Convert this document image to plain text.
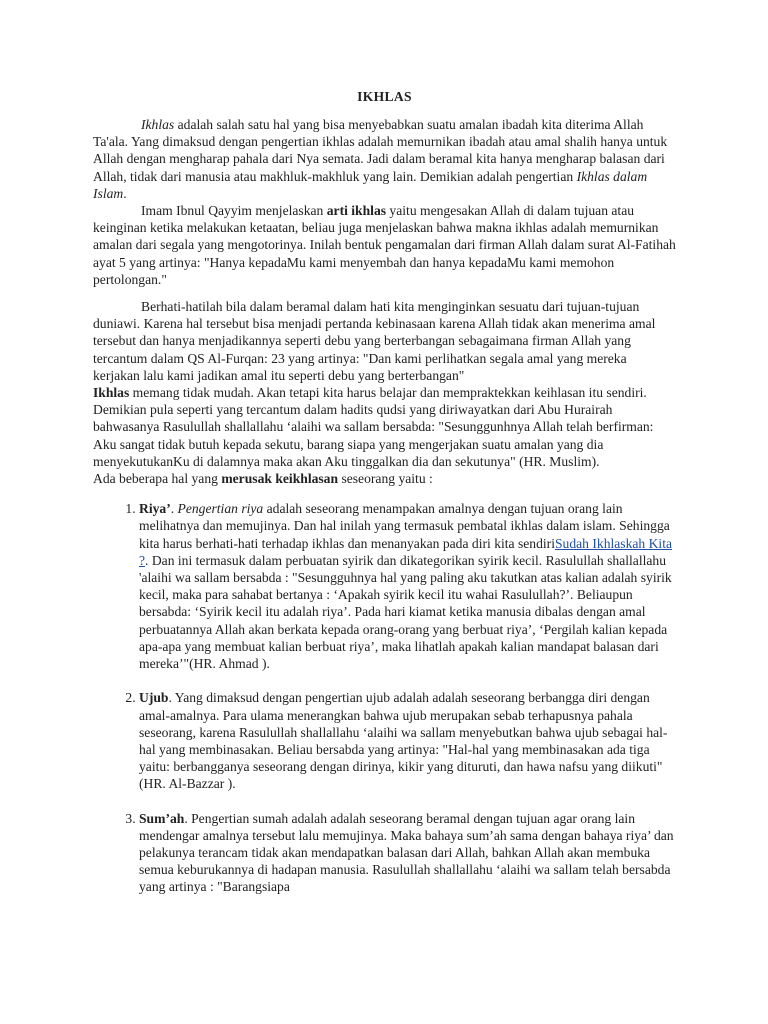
IKHLAS

Ikhlas adalah salah satu hal yang bisa menyebabkan suatu amalan ibadah kita diterima Allah Ta'ala. Yang dimaksud dengan pengertian ikhlas adalah memurnikan ibadah atau amal shalih hanya untuk Allah dengan mengharap pahala dari Nya semata. Jadi dalam beramal kita hanya mengharap balasan dari Allah, tidak dari manusia atau makhluk-makhluk yang lain. Demikian adalah pengertian Ikhlas dalam Islam.

Imam Ibnul Qayyim menjelaskan arti ikhlas yaitu mengesakan Allah di dalam tujuan atau keinginan ketika melakukan ketaatan, beliau juga menjelaskan bahwa makna ikhlas adalah memurnikan amalan dari segala yang mengotorinya. Inilah bentuk pengamalan dari firman Allah dalam surat Al-Fatihah ayat 5 yang artinya: "Hanya kepadaMu kami menyembah dan hanya kepadaMu kami memohon pertolongan."

Berhati-hatilah bila dalam beramal dalam hati kita menginginkan sesuatu dari tujuan-tujuan duniawi. Karena hal tersebut bisa menjadi pertanda kebinasaan karena Allah tidak akan menerima amal tersebut dan hanya menjadikannya seperti debu yang berterbangan sebagaimana firman Allah yang tercantum dalam QS Al-Furqan: 23 yang artinya: "Dan kami perlihatkan segala amal yang mereka kerjakan lalu kami jadikan amal itu seperti debu yang berterbangan"

Ikhlas memang tidak mudah. Akan tetapi kita harus belajar dan mempraktekkan keihlasan itu sendiri. Demikian pula seperti yang tercantum dalam hadits qudsi yang diriwayatkan dari Abu Hurairah bahwasanya Rasulullah shallallahu ‘alaihi wa sallam bersabda: "Sesunggunhnya Allah telah berfirman: Aku sangat tidak butuh kepada sekutu, barang siapa yang mengerjakan suatu amalan yang dia menyekutukanKu di dalamnya maka akan Aku tinggalkan dia dan sekutunya" (HR. Muslim).

Ada beberapa hal yang merusak keikhlasan seseorang yaitu :

1. Riya’. Pengertian riya adalah seseorang menampakan amalnya dengan tujuan orang lain melihatnya dan memujinya. Dan hal inilah yang termasuk pembatal ikhlas dalam islam. Sehingga kita harus berhati-hati terhadap ikhlas dan menanyakan pada diri kita sendiriSudah Ikhlaskah Kita ?. Dan ini termasuk dalam perbuatan syirik dan dikategorikan syirik kecil. Rasulullah shallallahu 'alaihi wa sallam bersabda : "Sesungguhnya hal yang paling aku takutkan atas kalian adalah syirik kecil, maka para sahabat bertanya : ‘Apakah syirik kecil itu wahai Rasulullah?’. Beliaupun bersabda: ‘Syirik kecil itu adalah riya’. Pada hari kiamat ketika manusia dibalas dengan amal perbuatannya Allah akan berkata kepada orang-orang yang berbuat riya’, ‘Pergilah kalian kepada apa-apa yang membuat kalian berbuat riya’, maka lihatlah apakah kalian mandapat balasan dari mereka’"(HR. Ahmad ).
2. Ujub. Yang dimaksud dengan pengertian ujub adalah adalah seseorang berbangga diri dengan amal-amalnya. Para ulama menerangkan bahwa ujub merupakan sebab terhapusnya pahala seseorang, karena Rasulullah shallallahu ‘alaihi wa sallam menyebutkan bahwa ujub sebagai hal-hal yang membinasakan. Beliau bersabda yang artinya: "Hal-hal yang membinasakan ada tiga yaitu: berbangganya seseorang dengan dirinya, kikir yang dituruti, dan hawa nafsu yang diikuti"(HR. Al-Bazzar ).
3. Sum’ah. Pengertian sumah adalah adalah seseorang beramal dengan tujuan agar orang lain mendengar amalnya tersebut lalu memujinya. Maka bahaya sum’ah sama dengan bahaya riya’ dan pelakunya terancam tidak akan mendapatkan balasan dari Allah, bahkan Allah akan membuka semua keburukannya di hadapan manusia. Rasulullah shallallahu ‘alaihi wa sallam telah bersabda yang artinya : "Barangsiapa
